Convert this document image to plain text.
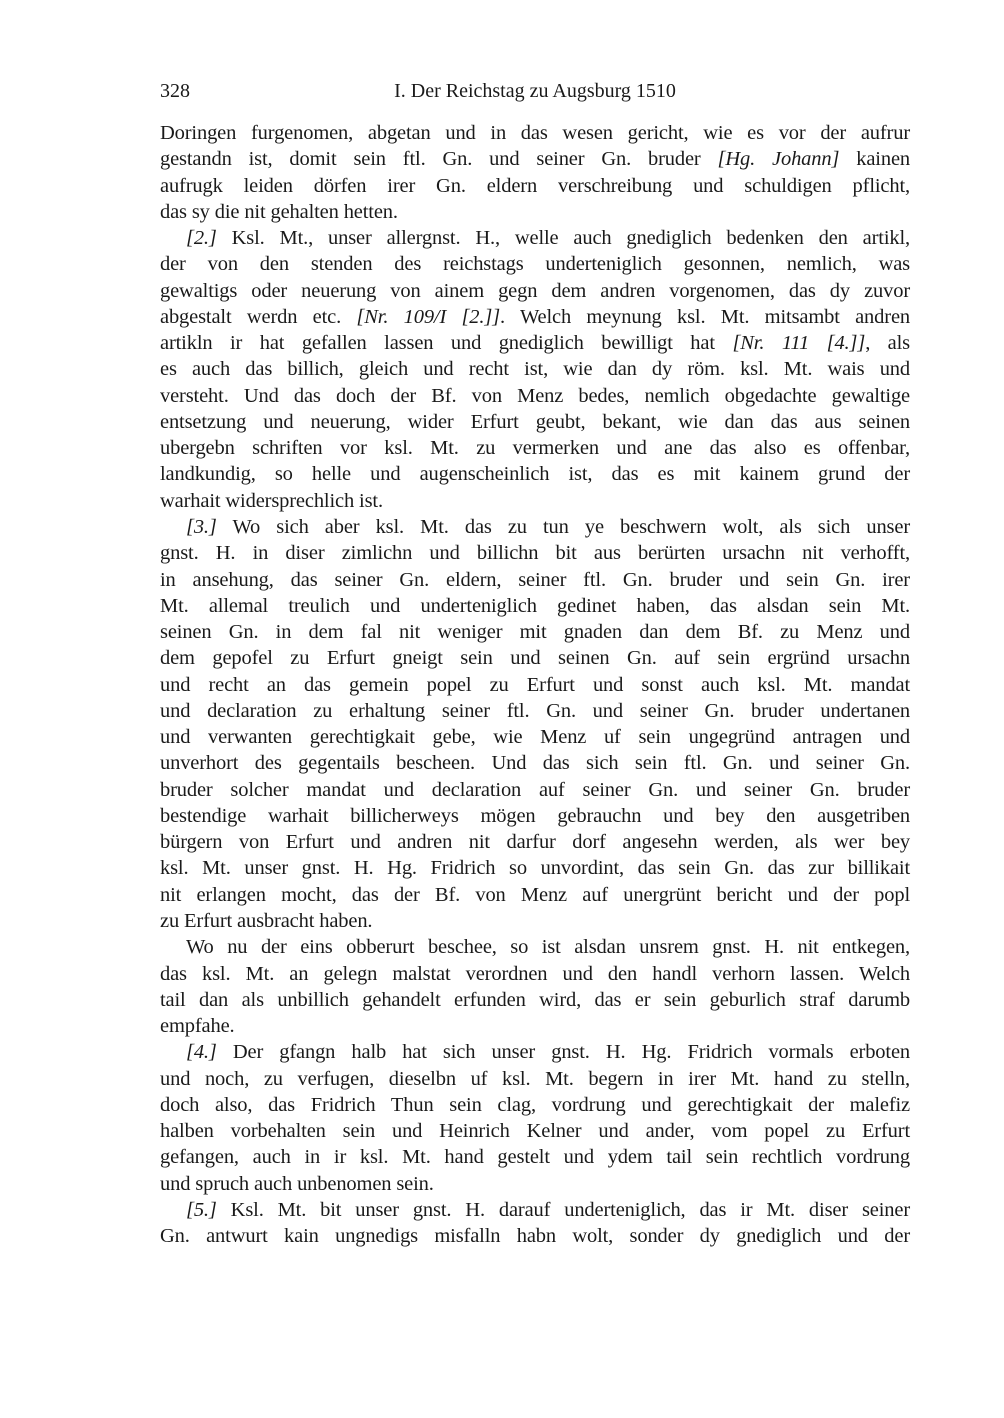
328	I. Der Reichstag zu Augsburg 1510
Doringen furgenomen, abgetan und in das wesen gericht, wie es vor der aufrur
gestandn ist, domit sein ftl. Gn. und seiner Gn. bruder [Hg. Johann] kainen
aufrugk leiden dörfen irer Gn. eldern verschreibung und schuldigen pflicht,
das sy die nit gehalten hetten.
[2.] Ksl. Mt., unser allergnst. H., welle auch gnediglich bedenken den artikl,
der von den stenden des reichstags underteniglich gesonnen, nemlich, was
gewaltigs oder neuerung von ainem gegn dem andren vorgenomen, das dy zuvor
abgestalt werdn etc. [Nr. 109/I [2.]]. Welch meynung ksl. Mt. mitsambt andren
artikln ir hat gefallen lassen und gnediglich bewilligt hat [Nr. 111 [4.]], als
es auch das billich, gleich und recht ist, wie dan dy röm. ksl. Mt. wais und
versteht. Und das doch der Bf. von Menz bedes, nemlich obgedachte gewaltige
entsetzung und neuerung, wider Erfurt geubt, bekant, wie dan das aus seinen
ubergebn schriften vor ksl. Mt. zu vermerken und ane das also es offenbar,
landkundig, so helle und augenscheinlich ist, das es mit kainem grund der
warhait widersprechlich ist.
[3.] Wo sich aber ksl. Mt. das zu tun ye beschwern wolt, als sich unser
gnst. H. in diser zimlichn und billichn bit aus berürten ursachn nit verhofft,
in ansehung, das seiner Gn. eldern, seiner ftl. Gn. bruder und sein Gn. irer
Mt. allemal treulich und underteniglich gedinet haben, das alsdan sein Mt.
seinen Gn. in dem fal nit weniger mit gnaden dan dem Bf. zu Menz und
dem gepofel zu Erfurt gneigt sein und seinen Gn. auf sein ergründ ursachn
und recht an das gemein popel zu Erfurt und sonst auch ksl. Mt. mandat
und declaration zu erhaltung seiner ftl. Gn. und seiner Gn. bruder undertanen
und verwanten gerechtigkait gebe, wie Menz uf sein ungegründ antragen und
unverhort des gegentails bescheen. Und das sich sein ftl. Gn. und seiner Gn.
bruder solcher mandat und declaration auf seiner Gn. und seiner Gn. bruder
bestendige warhait billicherweys mögen gebrauchn und bey den ausgetriben
bürgern von Erfurt und andren nit darfur dorf angesehn werden, als wer bey
ksl. Mt. unser gnst. H. Hg. Fridrich so unvordint, das sein Gn. das zur billikait
nit erlangen mocht, das der Bf. von Menz auf unergrünt bericht und der popl
zu Erfurt ausbracht haben.
Wo nu der eins obberurt beschee, so ist alsdan unsrem gnst. H. nit entkegen,
das ksl. Mt. an gelegn malstat verordnen und den handl verhorn lassen. Welch
tail dan als unbillich gehandelt erfunden wird, das er sein geburlich straf darumb
empfahe.
[4.] Der gfangn halb hat sich unser gnst. H. Hg. Fridrich vormals erboten
und noch, zu verfugen, dieselbn uf ksl. Mt. begern in irer Mt. hand zu stelln,
doch also, das Fridrich Thun sein clag, vordrung und gerechtigkait der malefiz
halben vorbehalten sein und Heinrich Kelner und ander, vom popel zu Erfurt
gefangen, auch in ir ksl. Mt. hand gestelt und ydem tail sein rechtlich vordrung
und spruch auch unbenomen sein.
[5.] Ksl. Mt. bit unser gnst. H. darauf underteniglich, das ir Mt. diser seiner
Gn. antwurt kain ungnedigs misfalln habn wolt, sonder dy gnediglich und der
